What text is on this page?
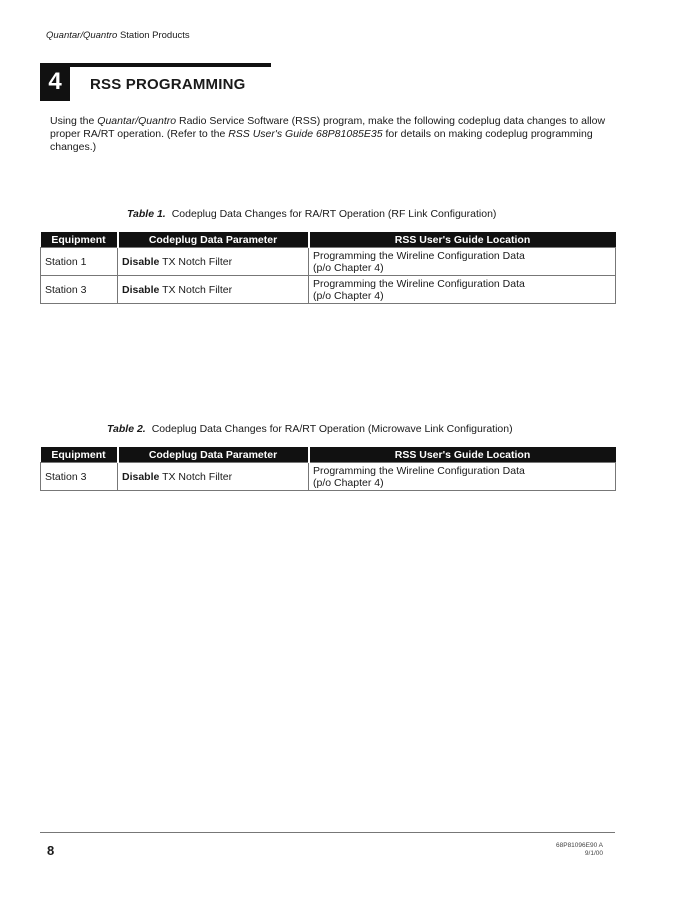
Quantar/Quantro Station Products
4	RSS PROGRAMMING
Using the Quantar/Quantro Radio Service Software (RSS) program, make the following codeplug data changes to allow proper RA/RT operation. (Refer to the RSS User's Guide 68P81085E35 for details on making codeplug programming changes.)
Table 1. Codeplug Data Changes for RA/RT Operation (RF Link Configuration)
Equipment	Codeplug Data Parameter	RSS User's Guide Location
Station 1	Disable TX Notch Filter	Programming the Wireline Configuration Data
(p/o Chapter 4)
Station 3	Disable TX Notch Filter	Programming the Wireline Configuration Data
(p/o Chapter 4)
Table 2. Codeplug Data Changes for RA/RT Operation (Microwave Link Configuration)
Equipment	Codeplug Data Parameter	RSS User's Guide Location
Station 3	Disable TX Notch Filter	Programming the Wireline Configuration Data
(p/o Chapter 4)
8	68P81096E90 A
9/1/00
